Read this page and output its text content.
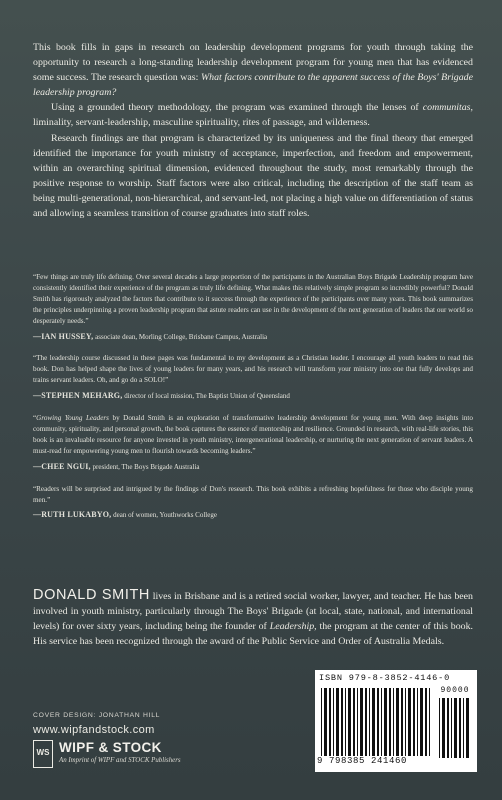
This book fills in gaps in research on leadership development programs for youth through taking the opportunity to research a long-standing leadership development program for young men that has evidenced some success. The research question was: What factors contribute to the apparent success of the Boys' Brigade leadership program?

Using a grounded theory methodology, the program was examined through the lenses of communitas, liminality, servant-leadership, masculine spirituality, rites of passage, and wilderness.

Research findings are that program is characterized by its uniqueness and the final theory that emerged identified the importance for youth ministry of acceptance, imperfection, and freedom and empowerment, within an overarching spiritual dimension, evidenced throughout the study, most remarkably through the positive response to worship. Staff factors were also critical, including the description of the staff team as being multi-generational, non-hierarchical, and servant-led, not placing a high value on differentiation of status and allowing a seamless transition of course graduates into staff roles.

“Few things are truly life defining. Over several decades a large proportion of the participants in the Australian Boys Brigade Leadership program have consistently identified their experience of the program as truly life defining. What makes this relatively simple program so incredibly powerful? Donald Smith has rigorously analyzed the factors that contribute to it success through the experience of the participants over many years. This book summarizes the principles underpinning a proven leadership program that astute readers can use in the development of the next generation of leaders that our world so desperately needs.”

—IAN HUSSEY, associate dean, Morling College, Brisbane Campus, Australia

“The leadership course discussed in these pages was fundamental to my development as a Christian leader. I encourage all youth leaders to read this book. Don has helped shape the lives of young leaders for many years, and his research will transform your ministry into one that fully develops and trains servant leaders. Oh, and go do a SOLO!”

—STEPHEN MEHARG, director of local mission, The Baptist Union of Queensland

“Growing Young Leaders by Donald Smith is an exploration of transformative leadership development for young men. With deep insights into community, spirituality, and personal growth, the book captures the essence of mentorship and resilience. Grounded in research, with real-life stories, this book is an invaluable resource for anyone invested in youth ministry, intergenerational leadership, or nurturing the next generation of servant leaders. A must-read for empowering young men to flourish towards becoming leaders.”

—CHEE NGUI, president, The Boys Brigade Australia

“Readers will be surprised and intrigued by the findings of Don's research. This book exhibits a refreshing hopefulness for those who disciple young men.”

—RUTH LUKABYO, dean of women, Youthworks College
DONALD SMITH lives in Brisbane and is a retired social worker, lawyer, and teacher. He has been involved in youth ministry, particularly through The Boys' Brigade (at local, state, national, and international levels) for over sixty years, including being the founder of Leadership, the program at the center of this book. His service has been recognized through the award of the Public Service and Order of Australia Medals.
COVER DESIGN: JONATHAN HILL
www.wipfandstock.com
WS WIPF & STOCK
An Imprint of WIPF and STOCK Publishers
ISBN 979-8-3852-4146-0
90000
9 798385 241460
